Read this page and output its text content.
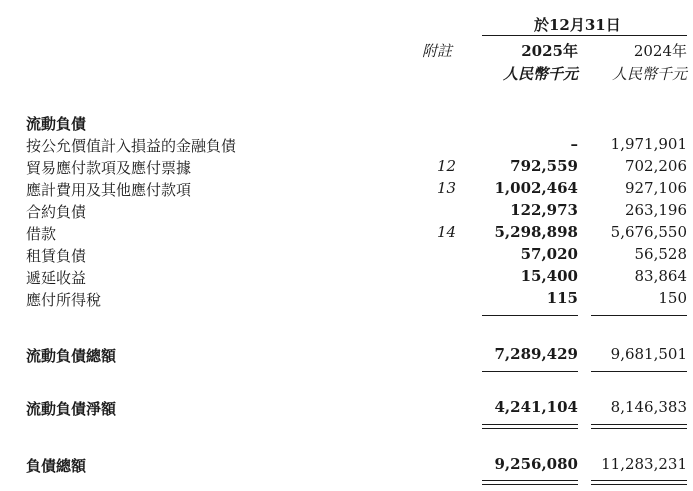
於12月31日
附註	2025年	2024年
人民幣千元 人民幣千元
流動負債
按公允價值計入損益的金融負債	– 1,971,901
貿易應付款項及應付票據	12	792,559	702,206
應計費用及其他應付款項	13	1,002,464	927,106
合約負債	122,973	263,196
借款	14	5,298,898 5,676,550
租賃負債	57,020	56,528
遞延收益	15,400	83,864
應付所得稅	115	150
流動負債總額	7,289,429 9,681,501
流動負債淨額	4,241,104 8,146,383
負債總額	9,256,080 11,283,231
